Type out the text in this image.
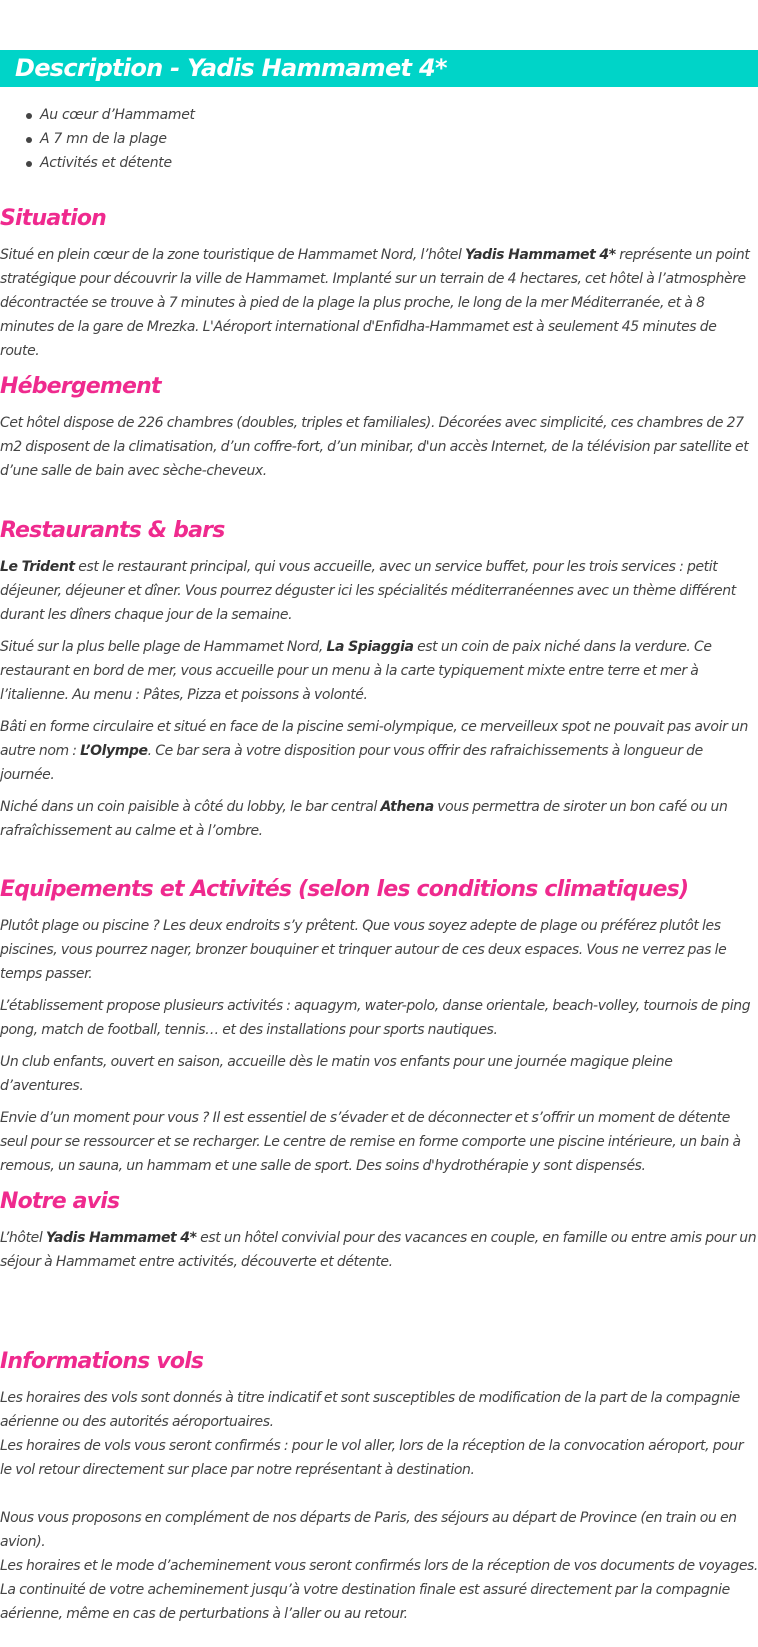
Description - Yadis Hammamet 4*
Au cœur d’Hammamet
A 7 mn de la plage
Activités et détente
Situation

Situé en plein cœur de la zone touristique de Hammamet Nord, l’hôtel Yadis Hammamet 4* représente un point stratégique pour découvrir la ville de Hammamet. Implanté sur un terrain de 4 hectares, cet hôtel à l’atmosphère décontractée se trouve à 7 minutes à pied de la plage la plus proche, le long de la mer Méditerranée, et à 8 minutes de la gare de Mrezka. L'Aéroport international d'Enfidha-Hammamet est à seulement 45 minutes de route.

Hébergement

Cet hôtel dispose de 226 chambres (doubles, triples et familiales). Décorées avec simplicité, ces chambres de 27 m2 disposent de la climatisation, d’un coffre-fort, d’un minibar, d'un accès Internet, de la télévision par satellite et d’une salle de bain avec sèche-cheveux.

Restaurants & bars

Le Trident est le restaurant principal, qui vous accueille, avec un service buffet, pour les trois services : petit déjeuner, déjeuner et dîner. Vous pourrez déguster ici les spécialités méditerranéennes avec un thème différent durant les dîners chaque jour de la semaine.

Situé sur la plus belle plage de Hammamet Nord, La Spiaggia est un coin de paix niché dans la verdure. Ce restaurant en bord de mer, vous accueille pour un menu à la carte typiquement mixte entre terre et mer à l’italienne. Au menu : Pâtes, Pizza et poissons à volonté.

Bâti en forme circulaire et situé en face de la piscine semi-olympique, ce merveilleux spot ne pouvait pas avoir un autre nom : L’Olympe. Ce bar sera à votre disposition pour vous offrir des rafraichissements à longueur de journée.

Niché dans un coin paisible à côté du lobby, le bar central Athena vous permettra de siroter un bon café ou un rafraîchissement au calme et à l’ombre.

Equipements et Activités (selon les conditions climatiques)

Plutôt plage ou piscine ? Les deux endroits s’y prêtent. Que vous soyez adepte de plage ou préférez plutôt les piscines, vous pourrez nager, bronzer bouquiner et trinquer autour de ces deux espaces. Vous ne verrez pas le temps passer.

L’établissement propose plusieurs activités : aquagym, water-polo, danse orientale, beach-volley, tournois de ping pong, match de football, tennis… et des installations pour sports nautiques.

Un club enfants, ouvert en saison, accueille dès le matin vos enfants pour une journée magique pleine d’aventures.

Envie d’un moment pour vous ? Il est essentiel de s’évader et de déconnecter et s’offrir un moment de détente seul pour se ressourcer et se recharger. Le centre de remise en forme comporte une piscine intérieure, un bain à remous, un sauna, un hammam et une salle de sport. Des soins d'hydrothérapie y sont dispensés.

Notre avis

L’hôtel Yadis Hammamet 4* est un hôtel convivial pour des vacances en couple, en famille ou entre amis pour un séjour à Hammamet entre activités, découverte et détente.

Informations vols

Les horaires des vols sont donnés à titre indicatif et sont susceptibles de modification de la part de la compagnie aérienne ou des autorités aéroportuaires.

Les horaires de vols vous seront confirmés : pour le vol aller, lors de la réception de la convocation aéroport, pour le vol retour directement sur place par notre représentant à destination.

Nous vous proposons en complément de nos départs de Paris, des séjours au départ de Province (en train ou en avion).

Les horaires et le mode d’acheminement vous seront confirmés lors de la réception de vos documents de voyages.

La continuité de votre acheminement jusqu’à votre destination finale est assuré directement par la compagnie aérienne, même en cas de perturbations à l’aller ou au retour.
